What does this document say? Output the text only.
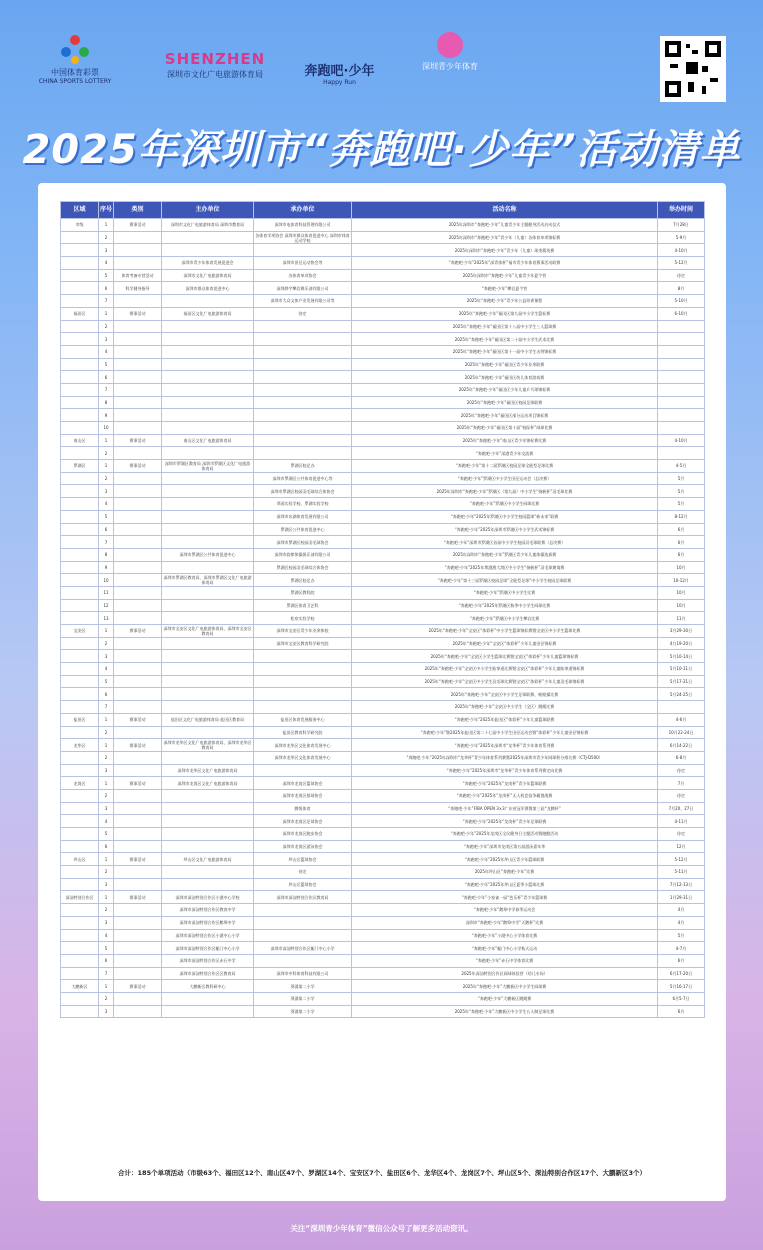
中国体育彩票
CHINA SPORTS LOTTERY
SHENZHEN
深圳市文化广电旅游体育局	奔跑吧·少年
Happy Run
深圳青少年体育
2025年深圳市“奔跑吧·少年”活动清单
区域	序号	类别	主办单位	承办单位	活动名称	举办时间
市级	1	赛事活动	深圳市文化广电旅游体育局 深圳市教育局	深圳市电体育科技管理有限公司	2025年深圳市“奔跑吧·少年”儿童青少年主题健身活动启动仪式	7月28日
	2			各体育学项协会 深圳市群众体育促进中心 深圳市体育运动学校	2025年深圳市“奔跑吧·少年”青少年（儿童）各体育单项锦标赛	5-9月
	3				2025年深圳市“奔跑吧·少年”青少年（儿童）球类精英赛	4-10月
	4		深圳市青少年体育发展促进会	深圳市田径运动协会等	“奔跑吧·少年”2025年“深青体杯”福市青少年体育赛事活动联赛	5-12月
	5	体育考备专营活动	深圳市文化广电旅游体育局	各体育单项协会	2025年深圳市“奔跑吧·少年”儿童青少年夏令营	待定
	6	科学健身指导	深圳市群众体育促进中心	深圳烨宇攀岩赛乐部有限公司	“奔跑吧·少年”攀岩夏令营	8月
	7			深圳市大众文体产业发展有限公司等	2025年“奔跑吧·少年”青少年公益培训课程	5-10月
福田区	1	赛事活动	福田区文化广电旅游体育局	待定	2025年“奔跑吧·少年”福田区第九届中小学生篮标赛	6-10月
	2				2025年“奔跑吧·少年”福田区第十八届中小学生三人篮球赛	
	3				2025年“奔跑吧·少年”福田区第二十届中小学生武术比赛	
	4				2025年“奔跑吧·少年”福田区第十一届中小学生击剑锦标赛	
	5				2025年“奔跑吧·少年”福田区青少年业余联赛	
	6				2025年“奔跑吧·少年”福田区幼儿体育游戏赛	
	7				2025年“奔跑吧·少年”福田区少年儿童乒乓球锦标赛	
	8				2025年“奔跑吧·少年”福田区校园足球联赛	
	9				2025年“奔跑吧·少年”福田区部分运动项目锦标赛	
	10				2025年“奔跑吧·少年”福田区第十届“校际杯”网球比赛	
南山区	1	赛事活动	南山区文化广电旅游体育局		2025年“奔跑吧·少年”南山区青少年锦标赛比赛	4-10月
	2				“奔跑吧·少年”深港青少年交流赛	
罗湖区	1	赛事活动	深圳市罗湖区教育局 深圳市罗湖区文化广电旅游体育局	罗湖区校足办	“奔跑吧·少年”第十二届罗湖区校园足球全能型足球比赛	4-5月
	2			深圳市罗湖区公共体育促进中心等	“奔跑吧·少年”罗湖区中小学生田径运动会（总决赛）	5月
	3			深圳市罗湖区校园羽毛球综合体协会	2025年深圳市“奔跑吧·少年”罗湖区（第九届）中小学生“扬帆杯”羽毛球比赛	5月
	4			翠园实验学校、罗湖实验学校	“奔跑吧·少年”罗湖区中小学生网球比赛	5月
	5			深圳市东湖体育发展有限公司	“奔跑吧·少年”2025年罗湖区中小学生校园篮球“新未来”联赛	8-12月
	6			罗湖区公共体育促进中心	“奔跑吧·少年”2025年深圳市罗湖区中小学生武术锦标赛	6月
	7			深圳市罗湖区校园羽毛球协会	“奔跑吧·少年”深圳市罗湖区首届中小学生校园羽毛球联赛（总决赛）	6月
	8		深圳市罗湖区公共体育促进中心	深圳市韵律体操俱乐部有限公司	2025年深圳市“奔跑吧·少年”罗湖区青少年儿童体操选拔赛	6月
	9			罗湖区校园羽毛球综合体协会	“奔跑吧·少年”2025年粤港澳大湾区中小学生“扬帆杯”羽毛球邀请赛	10月
	10		深圳市罗湖区教育局、深圳市罗湖区文化广电旅游体育局	罗湖区校足办	“奔跑吧·少年”第十三届罗湖区校园足球“全能型足球”中小学生校园足球联赛	10-12月
	11			罗湖区教科院	“奔跑吧·少年”罗湖区中小学生比赛	10月
	12			罗湖区体育卫艺科	“奔跑吧·少年”2025年罗湖区秋季中小学生网球比赛	10月
	13			松泉实验学校	“奔跑吧·少年”罗湖区中小学生攀岩比赛	11月
宝安区	1	赛事活动	深圳市宝安区文化广电旅游体育局、深圳市宝安区教育局	深圳市宝安区青少年业余体校	2025年“奔跑吧·少年”宝安区“体彩杯”中小学生篮球锦标赛暨宝安区中小学生篮球比赛	3月29-30日
	2			深圳市宝安区教育科学研究院	2025年“奔跑吧·少年”宝安区“体彩杯”少年儿童田径锦标赛	4月19-20日
	3				2025年“奔跑吧·少年”宝安区小学生篮球比赛暨宝安区“体彩杯”少年儿童篮球锦标赛	5月10-14日
	4				2025年“奔跑吧·少年”宝安区中小学生跆拳道比赛暨宝安区“体彩杯”少年儿童跆拳道锦标赛	5月10-11日
	5				2025年“奔跑吧·少年”宝安区中小学生羽毛球比赛暨宝安区“体彩杯”少年儿童羽毛球锦标赛	5月17-21日
	6				2025年“奔跑吧·少年”宝安区中小学生足球联赛、啦啦操比赛	5月24-25日
	7				2025年“奔跑吧·少年”宝安区中小学生（全区）跳绳比赛	
盐田区	1	赛事活动	盐田区文化广电旅游体育局 盐田区教育局	盐田区体育发展服务中心	“奔跑吧·少年”2025年盐田区“体彩杯”少年儿童篮球联赛	4-6月
	2			盐田区教育科学研究院	“奔跑吧·少年”暨2025年盐田区第二十七届中小学生田径运动会暨“体彩杯”少年儿童田径锦标赛	10月22-24日
龙华区	1	赛事活动	深圳市龙华区文化广电旅游体育局、深圳市龙华区教育局	深圳市龙华区文化体育发展中心	“奔跑吧·少年”2025年深圳市“龙华杯”青少年体育系列赛	6月14-22日
	2			深圳市龙华区文化体育发展中心	“奔跑吧·少年”2025年深圳市“龙华杯”青少年体育系列赛暨2025年深圳市青少年网球积分排名赛（CTJ-D500）	6-8月
	3		深圳市龙华区文化广电旅游体育局		“奔跑吧·少年”2025年深圳市“龙华杯”青少年体育系列赛定向比赛	待定
龙岗区	1	赛事活动	深圳市龙岗区文化广电旅游体育局	深圳市龙岗区篮球协会	“奔跑吧·少年”2025年“龙岗杯”青少年篮球联赛	7月
	2			深圳市龙岗区排球协会	“奔跑吧·少年”2025年“龙岗杯”无人机竞技争霸挑战赛	待定
	3			腾悦体育	“奔跑吧·少年”FIBA OPEN 3×3广东省冠军赛暨第三届“龙腾杯”	7月20、27日
	4			深圳市龙岗区足球协会	“奔跑吧·少年”2025年“龙岗杯”青少年足球联赛	4-11月
	5			深圳市龙岗区跑步协会	“奔跑吧·少年”2025年龙岗区全民健身日主题活动暨跑酷活动	待定
	6			深圳市龙岗区游泳协会	“奔跑吧·少年”深圳市龙岗区第五届游泳嘉年华	12月
坪山区	1	赛事活动	坪山区文化广电旅游体育局	坪山区篮球协会	“奔跑吧·少年”2025年坪山区青少年篮球联赛	5-12月
	2			待定	2025年坪山区“奔跑吧·少年”比赛	5-11月
	3			坪山区篮球协会	“奔跑吧·少年”2025年坪山区夏季小篮球比赛	7月12-13日
深汕特别合作区	1	赛事活动	深圳市深汕特别合作区小漠中心学校	深圳市深汕特别合作区教育局	“奔跑吧·少年”小家雀一届“芭乐杯”青少年篮球赛	1月29-31日
	2		深圳市深汕特别合作区教育中学		“奔跑吧·少年”鹅埠中学春季运动会	4月
	3		深圳市深汕特别合作区鹅埠中学		深圳市“奔跑吧·少年”鹅埠中学“天鹅杯”比赛	4月
	4		深圳市深汕特别合作区小漠中心小学		“奔跑吧·少年”小漠中心小学体育比赛	5月
	5		深圳市深汕特别合作区鲘门中心小学	深圳市深汕特别合作区鲘门中心小学	“奔跑吧·少年”鲘门中心小学秋天运动	4-7月
	6		深圳市深汕特别合作区赤石中学		“奔跑吧·少年”赤石中学体育比赛	6月
	7		深圳市深汕特别合作区区教育局	深圳市中科体育科技有限公司	2025年深汕特别合作区网球体验营（幼儿专场）	6月17-20日
大鹏新区	1	赛事活动	大鹏新区教科研中心	葵涌第二小学	2025年“奔跑吧·少年”大鹏新区中小学生网球赛	5月16-17日
	2			葵涌第二小学	“奔跑吧·少年”大鹏新区跳绳赛	6月5-7日
	3			葵涌第二小学	2025年“奔跑吧·少年”大鹏新区中小学生五人制足球比赛	6月
合计：185个单项活动（市级63个、福田区12个、南山区47个、罗湖区14个、宝安区7个、盐田区6个、龙华区4个、龙岗区7个、坪山区5个、深汕特别合作区17个、大鹏新区3个）
关注“深圳青少年体育”微信公众号了解更多活动资讯。
